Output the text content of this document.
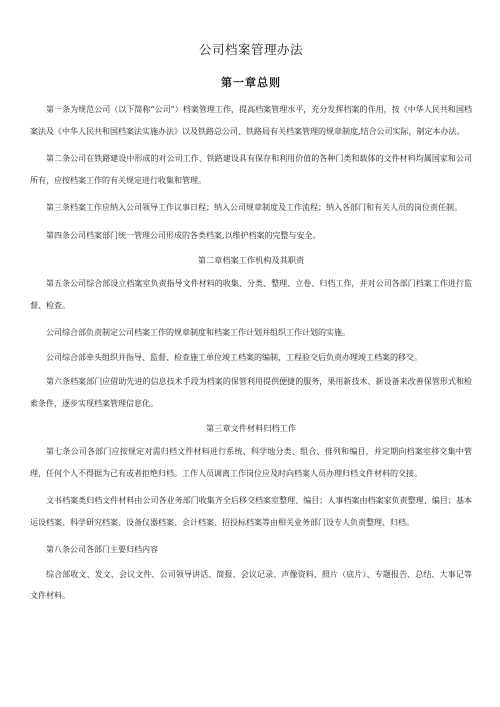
公司档案管理办法
第一章总则

第一条为规范公司（以下简称“公司”）档案管理工作，提高档案管理水平，充分发挥档案的作用，按《中华人民共和国档案法及《中华人民共和国档案法实施办法》以及铁路总公司、铁路局有关档案管理的规章制度,结合公司实际，制定本办法。

第二条公司在铁路建设中形成的对公司工作、铁路建设具有保存和利用价值的各种门类和载体的文件材料均属国家和公司所有，应按档案工作的有关规定进行收集和管理。

第三条档案工作应纳入公司领导工作议事日程；纳入公司规章制度及工作流程；纳入各部门和有关人员的岗位责任制。

第四条公司档案部门统一管理公司形成的各类档案,以维护档案的完整与安全。

第二章档案工作机构及其职责

第五条公司综合部设立档案室负责指导文件材料的收集、分类、整理、立卷、归档工作，并对公司各部门档案工作进行监督、检查。

公司综合部负责制定公司档案工作的规章制度和档案工作计划并组织工作计划的实施。

公司综合部牵头组织并指导、监督、检查施工单位竣工档案的编制，工程验交后负责办理竣工档案的移交。

第六条档案部门应借助先进的信息技术手段为档案的保管利用提供便捷的服务，果用新技术、新设备来改善保管形式和检索条件，逐步实现档案管理信息化。

第三章文件材料归档工作

第七条公司各部门应按规定对需归档文件材料进行系统、科学地分类、组合、排列和编目，并定期向档案室移交集中管理，任何个人不得据为己有或者拒绝归档。工作人员调离工作岗位应及时向档案人员办理归档文件材料的交接。

文书档案类归档文件材料由公司各业务部门收集齐全后移交档案室整理、编目；人事档案由档案家负责整理、编目；基本运设档案、科学研究档案、设备仪器档案、会计档案、招投标档案等由相关业务部门设专人负责整理、归档。

第八条公司各部门主要归档内容

综合部收文、发文、会议文件、公司领导讲话、简报、会议记录、声像资料、照片（底片）、专题报告、总结、大事记等文件材料。
